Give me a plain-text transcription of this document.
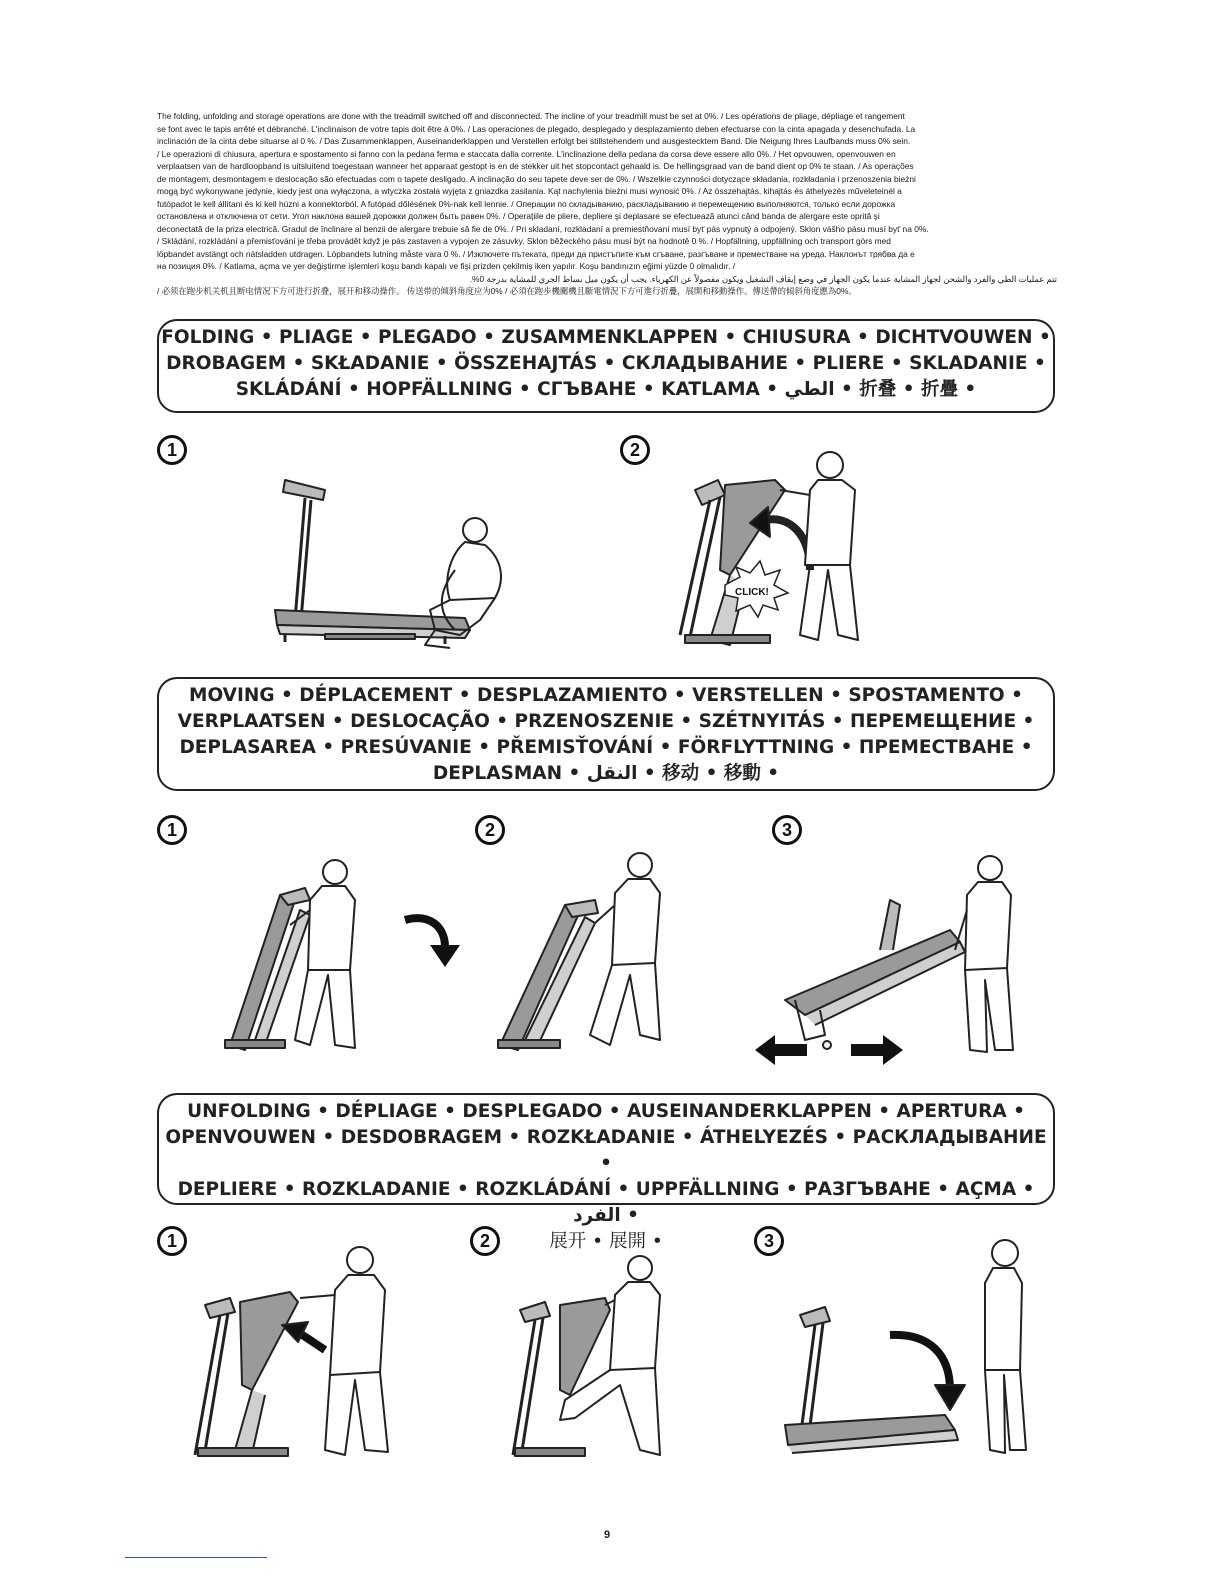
The folding, unfolding and storage operations are done with the treadmill switched off and disconnected. The incline of your treadmill must be set at 0%. / Les opérations de pliage, dépliage et rangement
se font avec le tapis arrêté et débranché. L'inclinaison de votre tapis doit être à 0%. / Las operaciones de plegado, desplegado y desplazamiento deben efectuarse con la cinta apagada y desenchufada. La
inclinación de la cinta debe situarse al 0 %. / Das Zusammenklappen, Auseinanderklappen und Verstellen erfolgt bei stillstehendem und ausgestecktem Band. Die Neigung Ihres Laufbands muss 0% sein.
/ Le operazioni di chiusura, apertura e spostamento si fanno con la pedana ferma e staccata dalla corrente. L'inclinazione della pedana da corsa deve essere allo 0%. / Het opvouwen, openvouwen en
verplaatsen van de hardloopband is uitsluitend toegestaan wanneer het apparaat gestopt is en de stekker uit het stopcontact gehaald is. De hellingsgraad van de band dient op 0% te staan. / As operações
de montagem, desmontagem e deslocação são efectuadas com o tapete desligado. A inclinação do seu tapete deve ser de 0%. / Wszelkie czynności dotyczące składania, rozkładania i przenoszenia bieżni
mogą być wykonywane jedynie, kiedy jest ona wyłączona, a wtyczka została wyjęta z gniazdka zasilania. Kąt nachylenia bieżni musi wynosić 0%. / Az összehajtás, kihajtás és áthelyezés műveleteinél a
futópadot le kell állítani és ki kell húzni a konnektorból. A futópad dőlésének 0%-nak kell lennie. / Операции по складыванию, раскладыванию и перемещению выполняются, только если дорожка
остановлена и отключена от сети. Угол наклона вашей дорожки должен быть равен 0%. / Operaţiile de pliere, depliere şi deplasare se efectuează atunci când banda de alergare este oprită şi
deconectată de la priza electrică. Gradul de înclinare al benzii de alergare trebuie să fie de 0%. / Pri skladaní, rozkladaní a premiestňovaní musí byť pás vypnutý a odpojený. Sklon vášho pásu musí byť na 0%.
/ Skládání, rozkládání a přemisťování je třeba provádět když je pás zastaven a vypojen ze zásuvky. Sklon běžeckého pásu musí být na hodnotě 0 %. / Hopfällning, uppfällning och transport görs med
löpbandet avstängt och nätsladden utdragen. Löpbandets lutning måste vara 0 %. / Изключете пътеката, преди да пристъпите към сгъване, разгъване и преместване на уреда. Наклонът трябва да е
на позиция 0%. / Katlama, açma ve yer değiştirme işlemleri koşu bandı kapalı ve fişi prizden çekilmiş iken yapılır. Koşu bandınızın eğimi yüzde 0 olmalıdır. /
تتم عمليات الطي والفرد والشحن لجهاز المشاية عندما يكون الجهاز في وضع إيقاف التشغيل ويكون مفصولاً عن الكهرباء. يجب أن يكون ميل بساط الجري للمشاية بدرجة 0%.
/ 必须在跑步机关机且断电情况下方可进行折叠，展开和移动操作。 传送带的倾斜角度应为0% / 必須在跑步機關機且斷電情況下方可進行折疊，展開和移動操作。傳送帶的傾斜角度應為0%。
FOLDING • PLIAGE • PLEGADO • ZUSAMMENKLAPPEN • CHIUSURA • DICHTVOUWEN •
DROBAGEM • SKŁADANIE • ÖSSZEHAJTÁS • СКЛАДЫВАНИЕ • PLIERE • SKLADANIE •
SKLÁDÁNÍ • HOPFÄLLNING • СГЪВАНЕ • KATLAMA • الطي • 折叠 • 折疊 •
1	2
CLICK!
MOVING • DÉPLACEMENT • DESPLAZAMIENTO • VERSTELLEN • SPOSTAMENTO •
VERPLAATSEN • DESLOCAÇÃO • PRZENOSZENIE • SZÉTNYITÁS • ПЕРЕМЕЩЕНИЕ •
DEPLASAREA • PRESÚVANIE • PŘEMISŤOVÁNÍ • FÖRFLYTTNING • ПРЕМЕСТВАНЕ •
DEPLASMAN • النقل • 移动 • 移動 •
1	2	3
UNFOLDING • DÉPLIAGE • DESPLEGADO • AUSEINANDERKLAPPEN • APERTURA •
OPENVOUWEN • DESDOBRAGEM • ROZKŁADANIE • ÁTHELYEZÉS • РАСКЛАДЫВАНИЕ •
DEPLIERE • ROZKLADANIE • ROZKLÁDÁNÍ • UPPFÄLLNING • РАЗГЪВАНЕ • AÇMA • الفرد •
展开 • 展開 •
1	2	3
9
